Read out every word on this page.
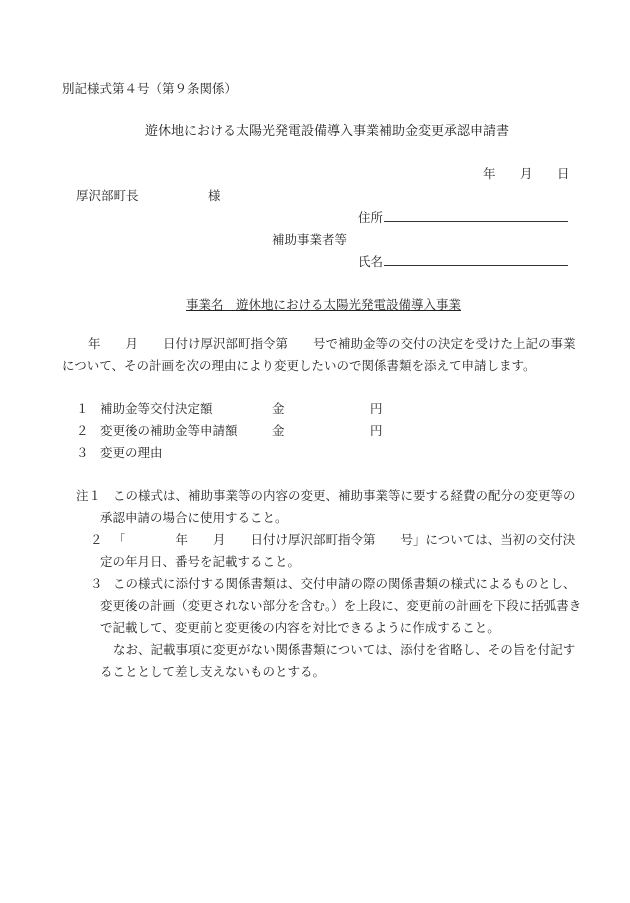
別記様式第４号（第９条関係）
遊休地における太陽光発電設備導入事業補助金変更承認申請書
年 月 日
厚沢部町長	様
住所
補助事業者等
氏名
事業名　遊休地における太陽光発電設備導入事業
年　　月　　日付け厚沢部町指令第　　号で補助金等の交付の決定を受けた上記の事業
について、その計画を次の理由により変更したいので関係書類を添えて申請します。
１ 補助金等交付決定額	金	円
２ 変更後の補助金等申請額	金	円
３ 変更の理由
注１ この様式は、補助事業等の内容の変更、補助事業等に要する経費の配分の変更等の
承認申請の場合に使用すること。
２ 「　　　　年　　月　　日付け厚沢部町指令第　　号」については、当初の交付決
定の年月日、番号を記載すること。
３ この様式に添付する関係書類は、交付申請の際の関係書類の様式によるものとし、
変更後の計画（変更されない部分を含む。）を上段に、変更前の計画を下段に括弧書き
で記載して、変更前と変更後の内容を対比できるように作成すること。
なお、記載事項に変更がない関係書類については、添付を省略し、その旨を付記す
ることとして差し支えないものとする。
